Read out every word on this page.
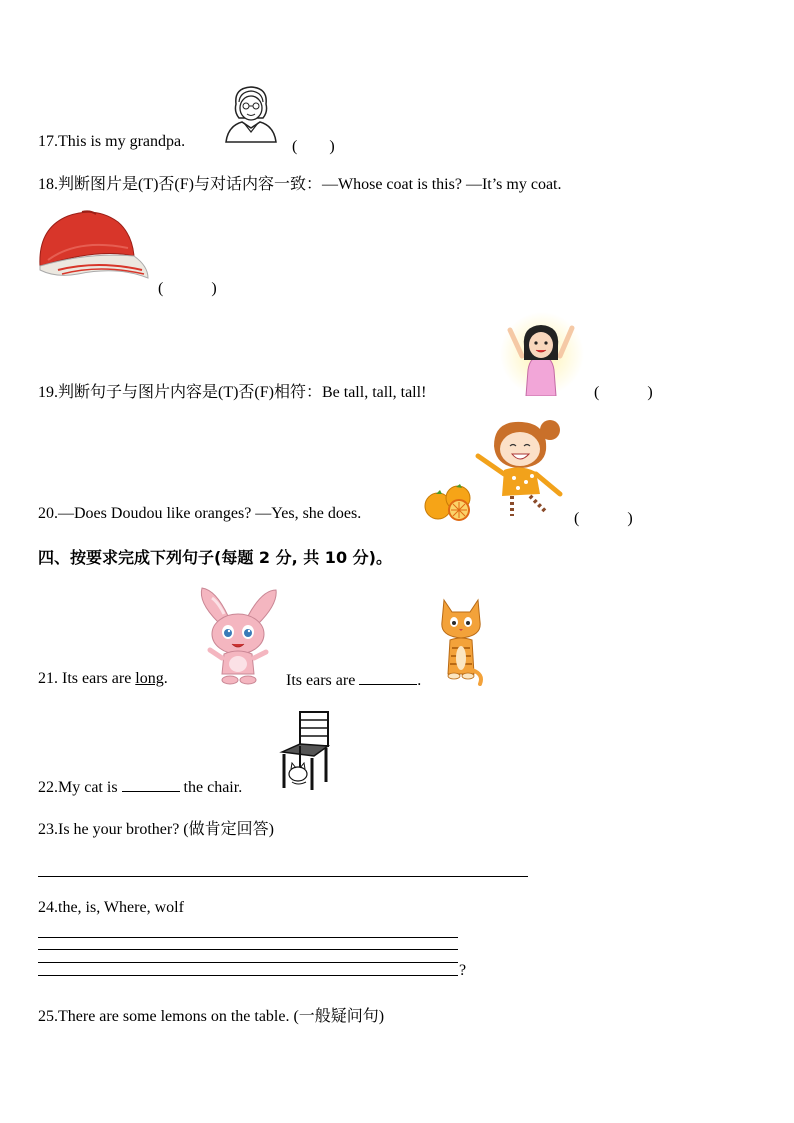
17.This is my grandpa.	(　　)
18.判断图片是(T)否(F)与对话内容一致：—Whose coat is this? —It’s my coat.
(　　　)
19.判断句子与图片内容是(T)否(F)相符：Be tall, tall, tall!	(　　　)
20.—Does Doudou like oranges? —Yes, she does.	(　　　)
四、按要求完成下列句子(每题 2 分, 共 10 分)。
21. Its ears are long.	Its ears are	.
22.My cat is	the chair.
23.Is he your brother? (做肯定回答)
24.the, is, Where, wolf
?
25.There are some lemons on the table. (一般疑问句)
